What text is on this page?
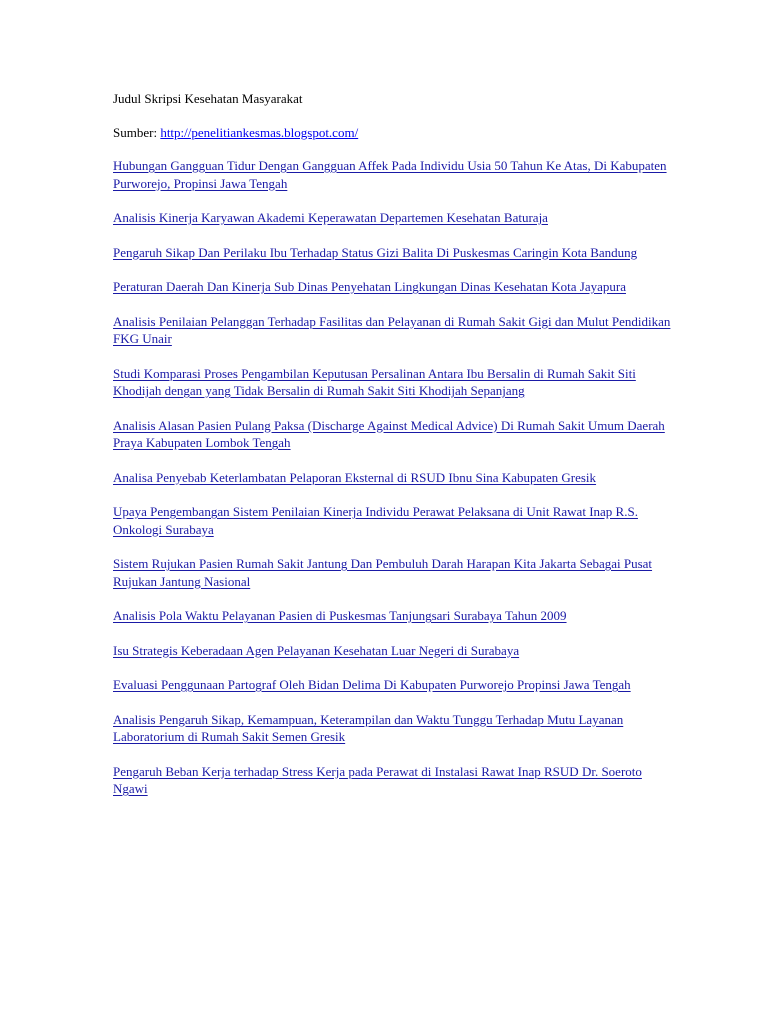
Judul Skripsi Kesehatan Masyarakat

Sumber: http://penelitiankesmas.blogspot.com/

Hubungan Gangguan Tidur Dengan Gangguan Affek Pada Individu Usia 50 Tahun Ke Atas, Di Kabupaten Purworejo, Propinsi Jawa Tengah
Analisis Kinerja Karyawan Akademi Keperawatan Departemen Kesehatan Baturaja
Pengaruh Sikap Dan Perilaku Ibu Terhadap Status Gizi Balita Di Puskesmas Caringin Kota Bandung
Peraturan Daerah Dan Kinerja Sub Dinas Penyehatan Lingkungan Dinas Kesehatan Kota Jayapura
Analisis Penilaian Pelanggan Terhadap Fasilitas dan Pelayanan di Rumah Sakit Gigi dan Mulut Pendidikan FKG Unair
Studi Komparasi Proses Pengambilan Keputusan Persalinan Antara Ibu Bersalin di Rumah Sakit Siti Khodijah dengan yang Tidak Bersalin di Rumah Sakit Siti Khodijah Sepanjang
Analisis Alasan Pasien Pulang Paksa (Discharge Against Medical Advice) Di Rumah Sakit Umum Daerah Praya Kabupaten Lombok Tengah
Analisa Penyebab Keterlambatan Pelaporan Eksternal di RSUD Ibnu Sina Kabupaten Gresik
Upaya Pengembangan Sistem Penilaian Kinerja Individu Perawat Pelaksana di Unit Rawat Inap R.S. Onkologi Surabaya
Sistem Rujukan Pasien Rumah Sakit Jantung Dan Pembuluh Darah Harapan Kita Jakarta Sebagai Pusat Rujukan Jantung Nasional
Analisis Pola Waktu Pelayanan Pasien di Puskesmas Tanjungsari Surabaya Tahun 2009
Isu Strategis Keberadaan Agen Pelayanan Kesehatan Luar Negeri di Surabaya
Evaluasi Penggunaan Partograf Oleh Bidan Delima Di Kabupaten Purworejo Propinsi Jawa Tengah
Analisis Pengaruh Sikap, Kemampuan, Keterampilan dan Waktu Tunggu Terhadap Mutu Layanan Laboratorium di Rumah Sakit Semen Gresik
Pengaruh Beban Kerja terhadap Stress Kerja pada Perawat di Instalasi Rawat Inap RSUD Dr. Soeroto Ngawi
